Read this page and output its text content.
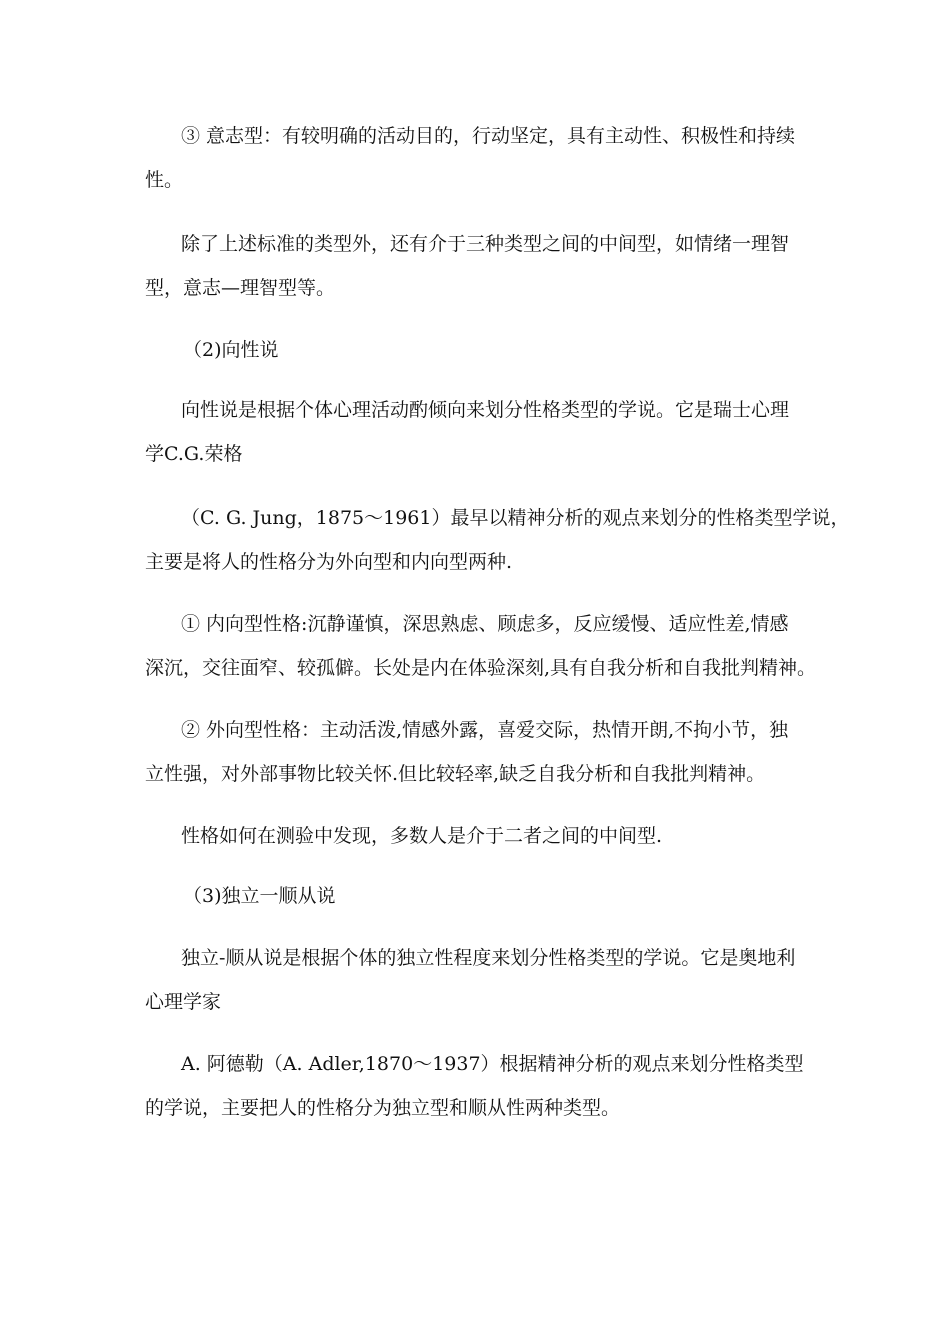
③ 意志型：有较明确的活动目的，行动坚定，具有主动性、积极性和持续
性。

除了上述标准的类型外，还有介于三种类型之间的中间型，如情绪一理智
型，意志—理智型等。

（2)向性说

向性说是根据个体心理活动酌倾向来划分性格类型的学说。它是瑞士心理
学C.G.荣格

（C. G. Jung，1875～1961）最早以精神分析的观点来划分的性格类型学说，
主要是将人的性格分为外向型和内向型两种.

① 内向型性格:沉静谨慎，深思熟虑、顾虑多，反应缓慢、适应性差,情感
深沉，交往面窄、较孤僻。长处是内在体验深刻,具有自我分析和自我批判精神。

② 外向型性格：主动活泼,情感外露，喜爱交际，热情开朗,不拘小节，独
立性强，对外部事物比较关怀.但比较轻率,缺乏自我分析和自我批判精神。

性格如何在测验中发现，多数人是介于二者之间的中间型.

（3)独立一顺从说

独立-顺从说是根据个体的独立性程度来划分性格类型的学说。它是奥地利
心理学家

A. 阿德勒（A. Adler,1870～1937）根据精神分析的观点来划分性格类型
的学说，主要把人的性格分为独立型和顺从性两种类型。
